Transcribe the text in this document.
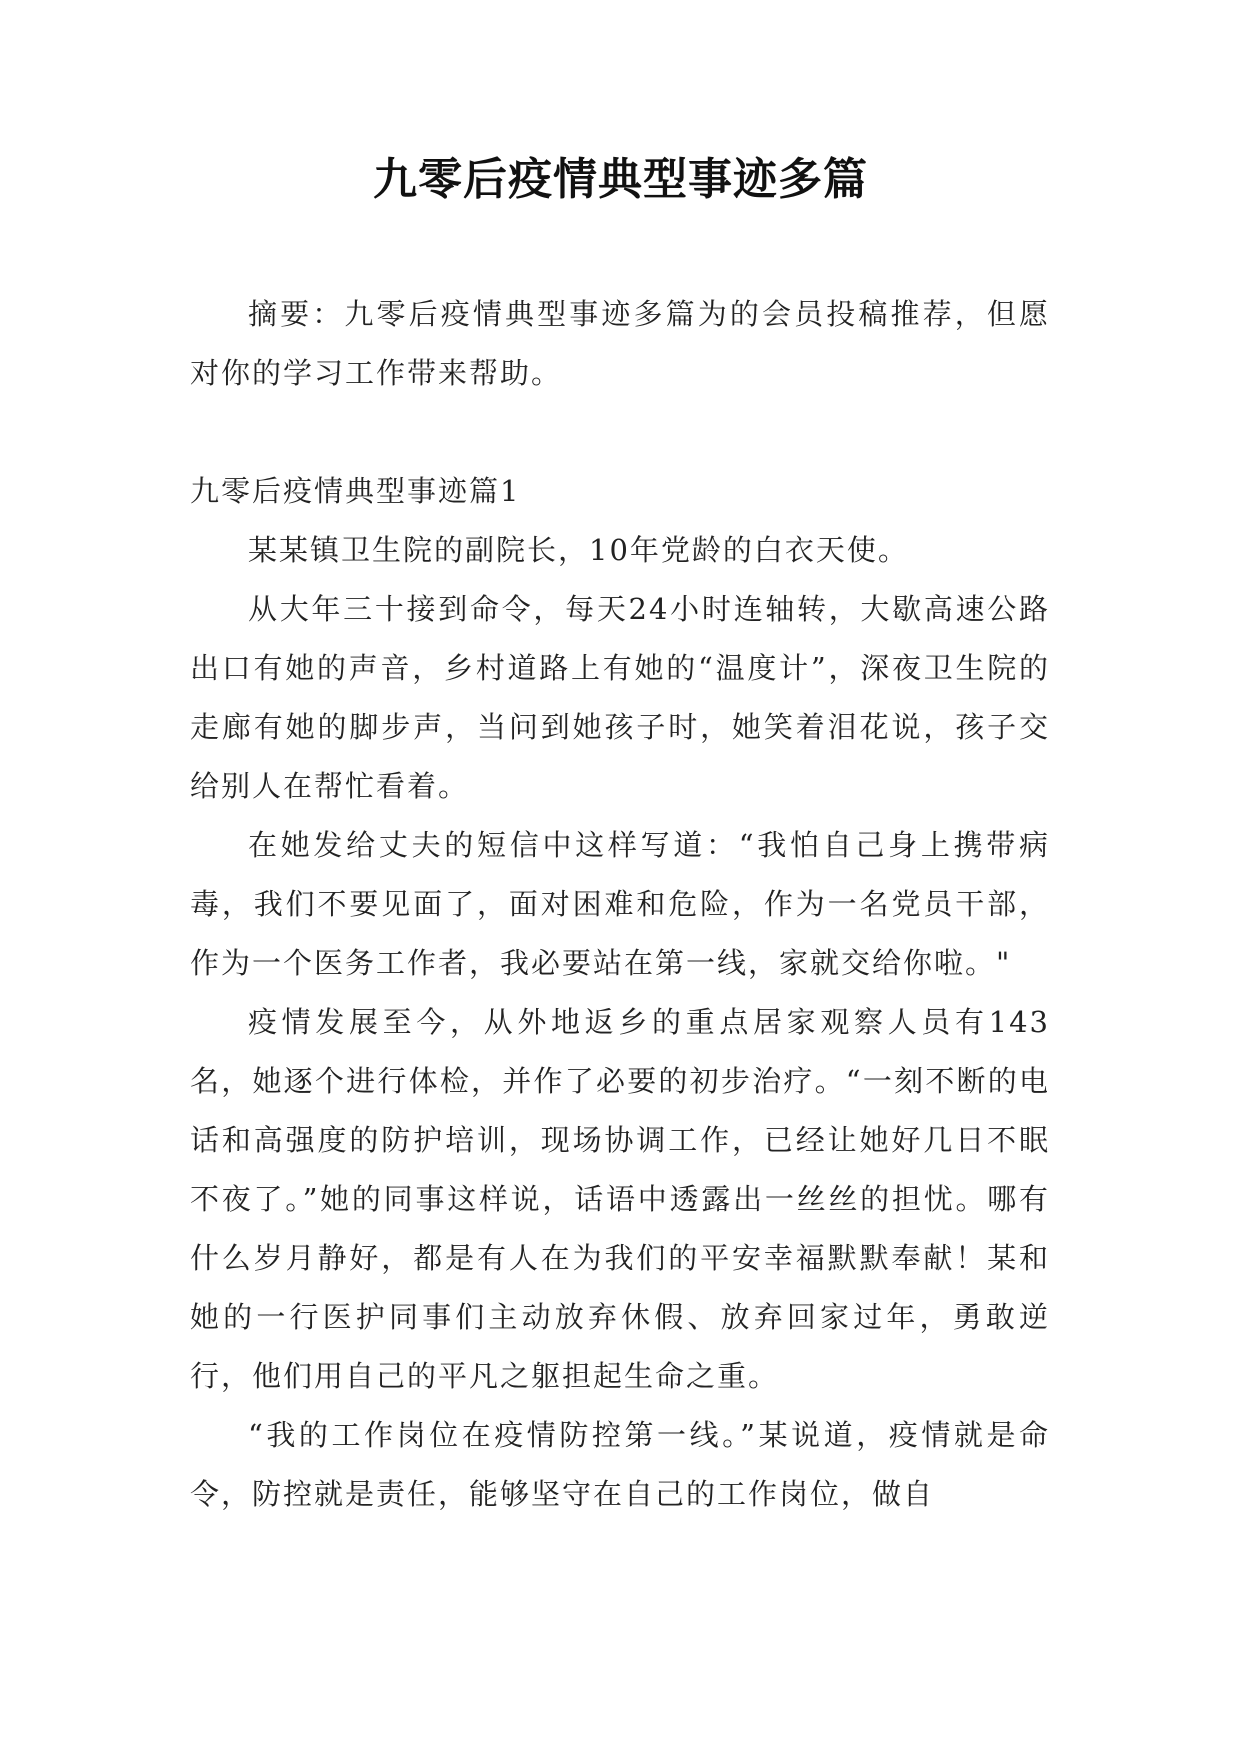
九零后疫情典型事迹多篇

摘要：九零后疫情典型事迹多篇为的会员投稿推荐，但愿对你的学习工作带来帮助。

九零后疫情典型事迹篇1

某某镇卫生院的副院长，10年党龄的白衣天使。

从大年三十接到命令，每天24小时连轴转，大歇高速公路出口有她的声音，乡村道路上有她的“温度计”，深夜卫生院的走廊有她的脚步声，当问到她孩子时，她笑着泪花说，孩子交给别人在帮忙看着。

在她发给丈夫的短信中这样写道：“我怕自己身上携带病毒，我们不要见面了，面对困难和危险，作为一名党员干部，作为一个医务工作者，我必要站在第一线，家就交给你啦。"

疫情发展至今，从外地返乡的重点居家观察人员有143名，她逐个进行体检，并作了必要的初步治疗。“一刻不断的电话和高强度的防护培训，现场协调工作，已经让她好几日不眠不夜了。”她的同事这样说，话语中透露出一丝丝的担忧。哪有什么岁月静好，都是有人在为我们的平安幸福默默奉献！某和她的一行医护同事们主动放弃休假、放弃回家过年，勇敢逆行，他们用自己的平凡之躯担起生命之重。

“我的工作岗位在疫情防控第一线。”某说道，疫情就是命令，防控就是责任，能够坚守在自己的工作岗位，做自
